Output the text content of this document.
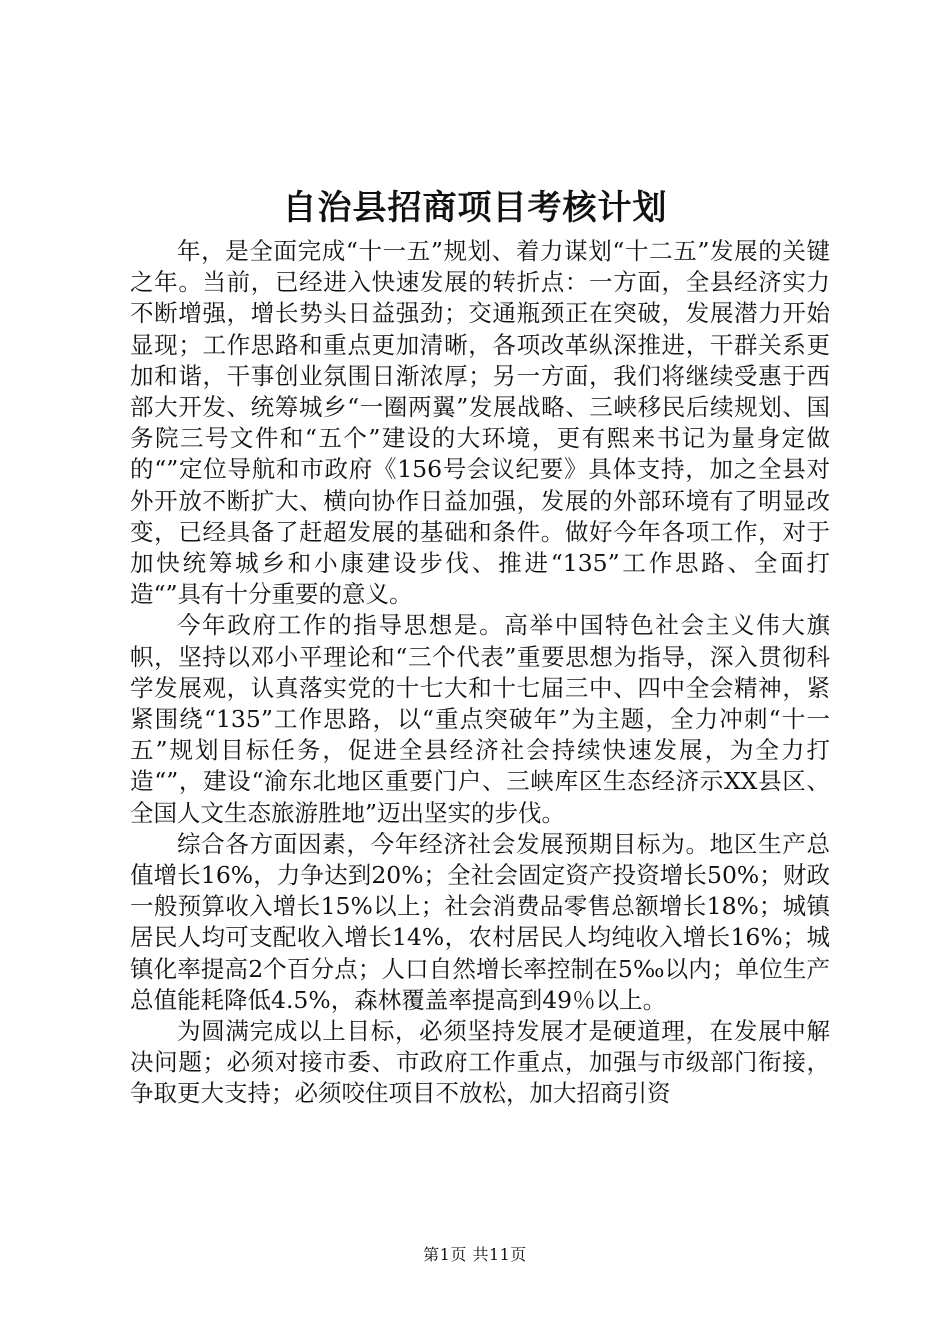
自治县招商项目考核计划

年，是全面完成“十一五”规划、着力谋划“十二五”发展的关键之年。当前，已经进入快速发展的转折点：一方面，全县经济实力不断增强，增长势头日益强劲；交通瓶颈正在突破，发展潜力开始显现；工作思路和重点更加清晰，各项改革纵深推进，干群关系更加和谐，干事创业氛围日渐浓厚；另一方面，我们将继续受惠于西部大开发、统筹城乡“一圈两翼”发展战略、三峡移民后续规划、国务院三号文件和“五个”建设的大环境，更有熙来书记为量身定做的“”定位导航和市政府《156号会议纪要》具体支持，加之全县对外开放不断扩大、横向协作日益加强，发展的外部环境有了明显改变，已经具备了赶超发展的基础和条件。做好今年各项工作，对于加快统筹城乡和小康建设步伐、推进“135”工作思路、全面打造“”具有十分重要的意义。

今年政府工作的指导思想是。高举中国特色社会主义伟大旗帜，坚持以邓小平理论和“三个代表”重要思想为指导，深入贯彻科学发展观，认真落实党的十七大和十七届三中、四中全会精神，紧紧围绕“135”工作思路，以“重点突破年”为主题，全力冲刺“十一五”规划目标任务，促进全县经济社会持续快速发展，为全力打造“”，建设“渝东北地区重要门户、三峡库区生态经济示XX县区、全国人文生态旅游胜地”迈出坚实的步伐。

综合各方面因素，今年经济社会发展预期目标为。地区生产总值增长16%，力争达到20%；全社会固定资产投资增长50%；财政一般预算收入增长15%以上；社会消费品零售总额增长18%；城镇居民人均可支配收入增长14%，农村居民人均纯收入增长16%；城镇化率提高2个百分点；人口自然增长率控制在5‰以内；单位生产总值能耗降低4.5%，森林覆盖率提高到49％以上。

为圆满完成以上目标，必须坚持发展才是硬道理，在发展中解决问题；必须对接市委、市政府工作重点，加强与市级部门衔接，争取更大支持；必须咬住项目不放松，加大招商引资

第1页 共11页
